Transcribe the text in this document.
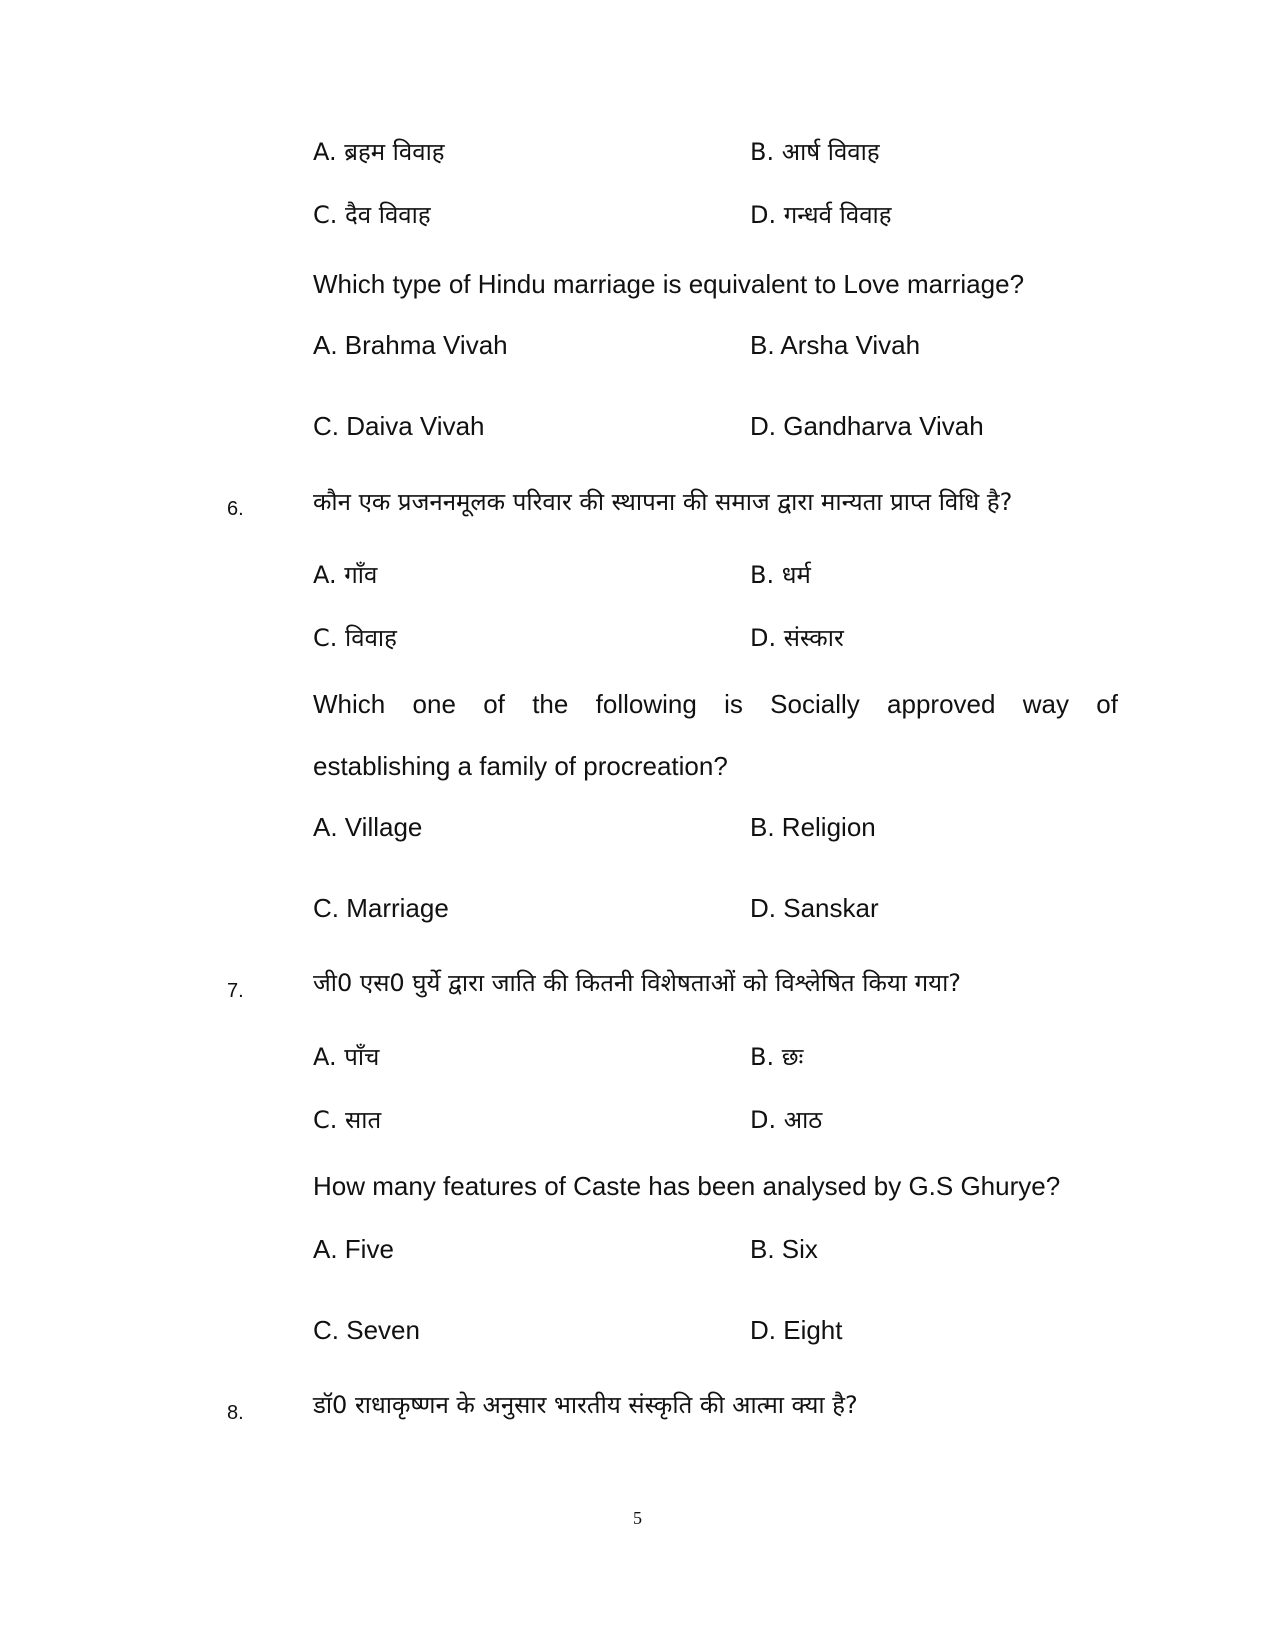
A. ब्रहम विवाह	B. आर्ष विवाह
C. दैव विवाह	D. गन्धर्व विवाह
Which type of Hindu marriage is equivalent to Love marriage?
A. Brahma Vivah	B. Arsha Vivah
C. Daiva Vivah	D. Gandharva Vivah
6.	कौन एक प्रजननमूलक परिवार की स्थापना की समाज द्वारा मान्यता प्राप्त विधि है?
A. गाँव	B. धर्म
C. विवाह	D. संस्कार
Which one of the following is Socially approved way of
establishing a family of procreation?
A. Village	B. Religion
C. Marriage	D. Sanskar
7.	जी0 एस0 घुर्ये द्वारा जाति की कितनी विशेषताओं को विश्लेषित किया गया?
A. पाँच	B. छः
C. सात	D. आठ
How many features of Caste has been analysed by G.S Ghurye?
A. Five	B. Six
C. Seven	D. Eight
8.	डॉ0 राधाकृष्णन के अनुसार भारतीय संस्कृति की आत्मा क्या है?
5
